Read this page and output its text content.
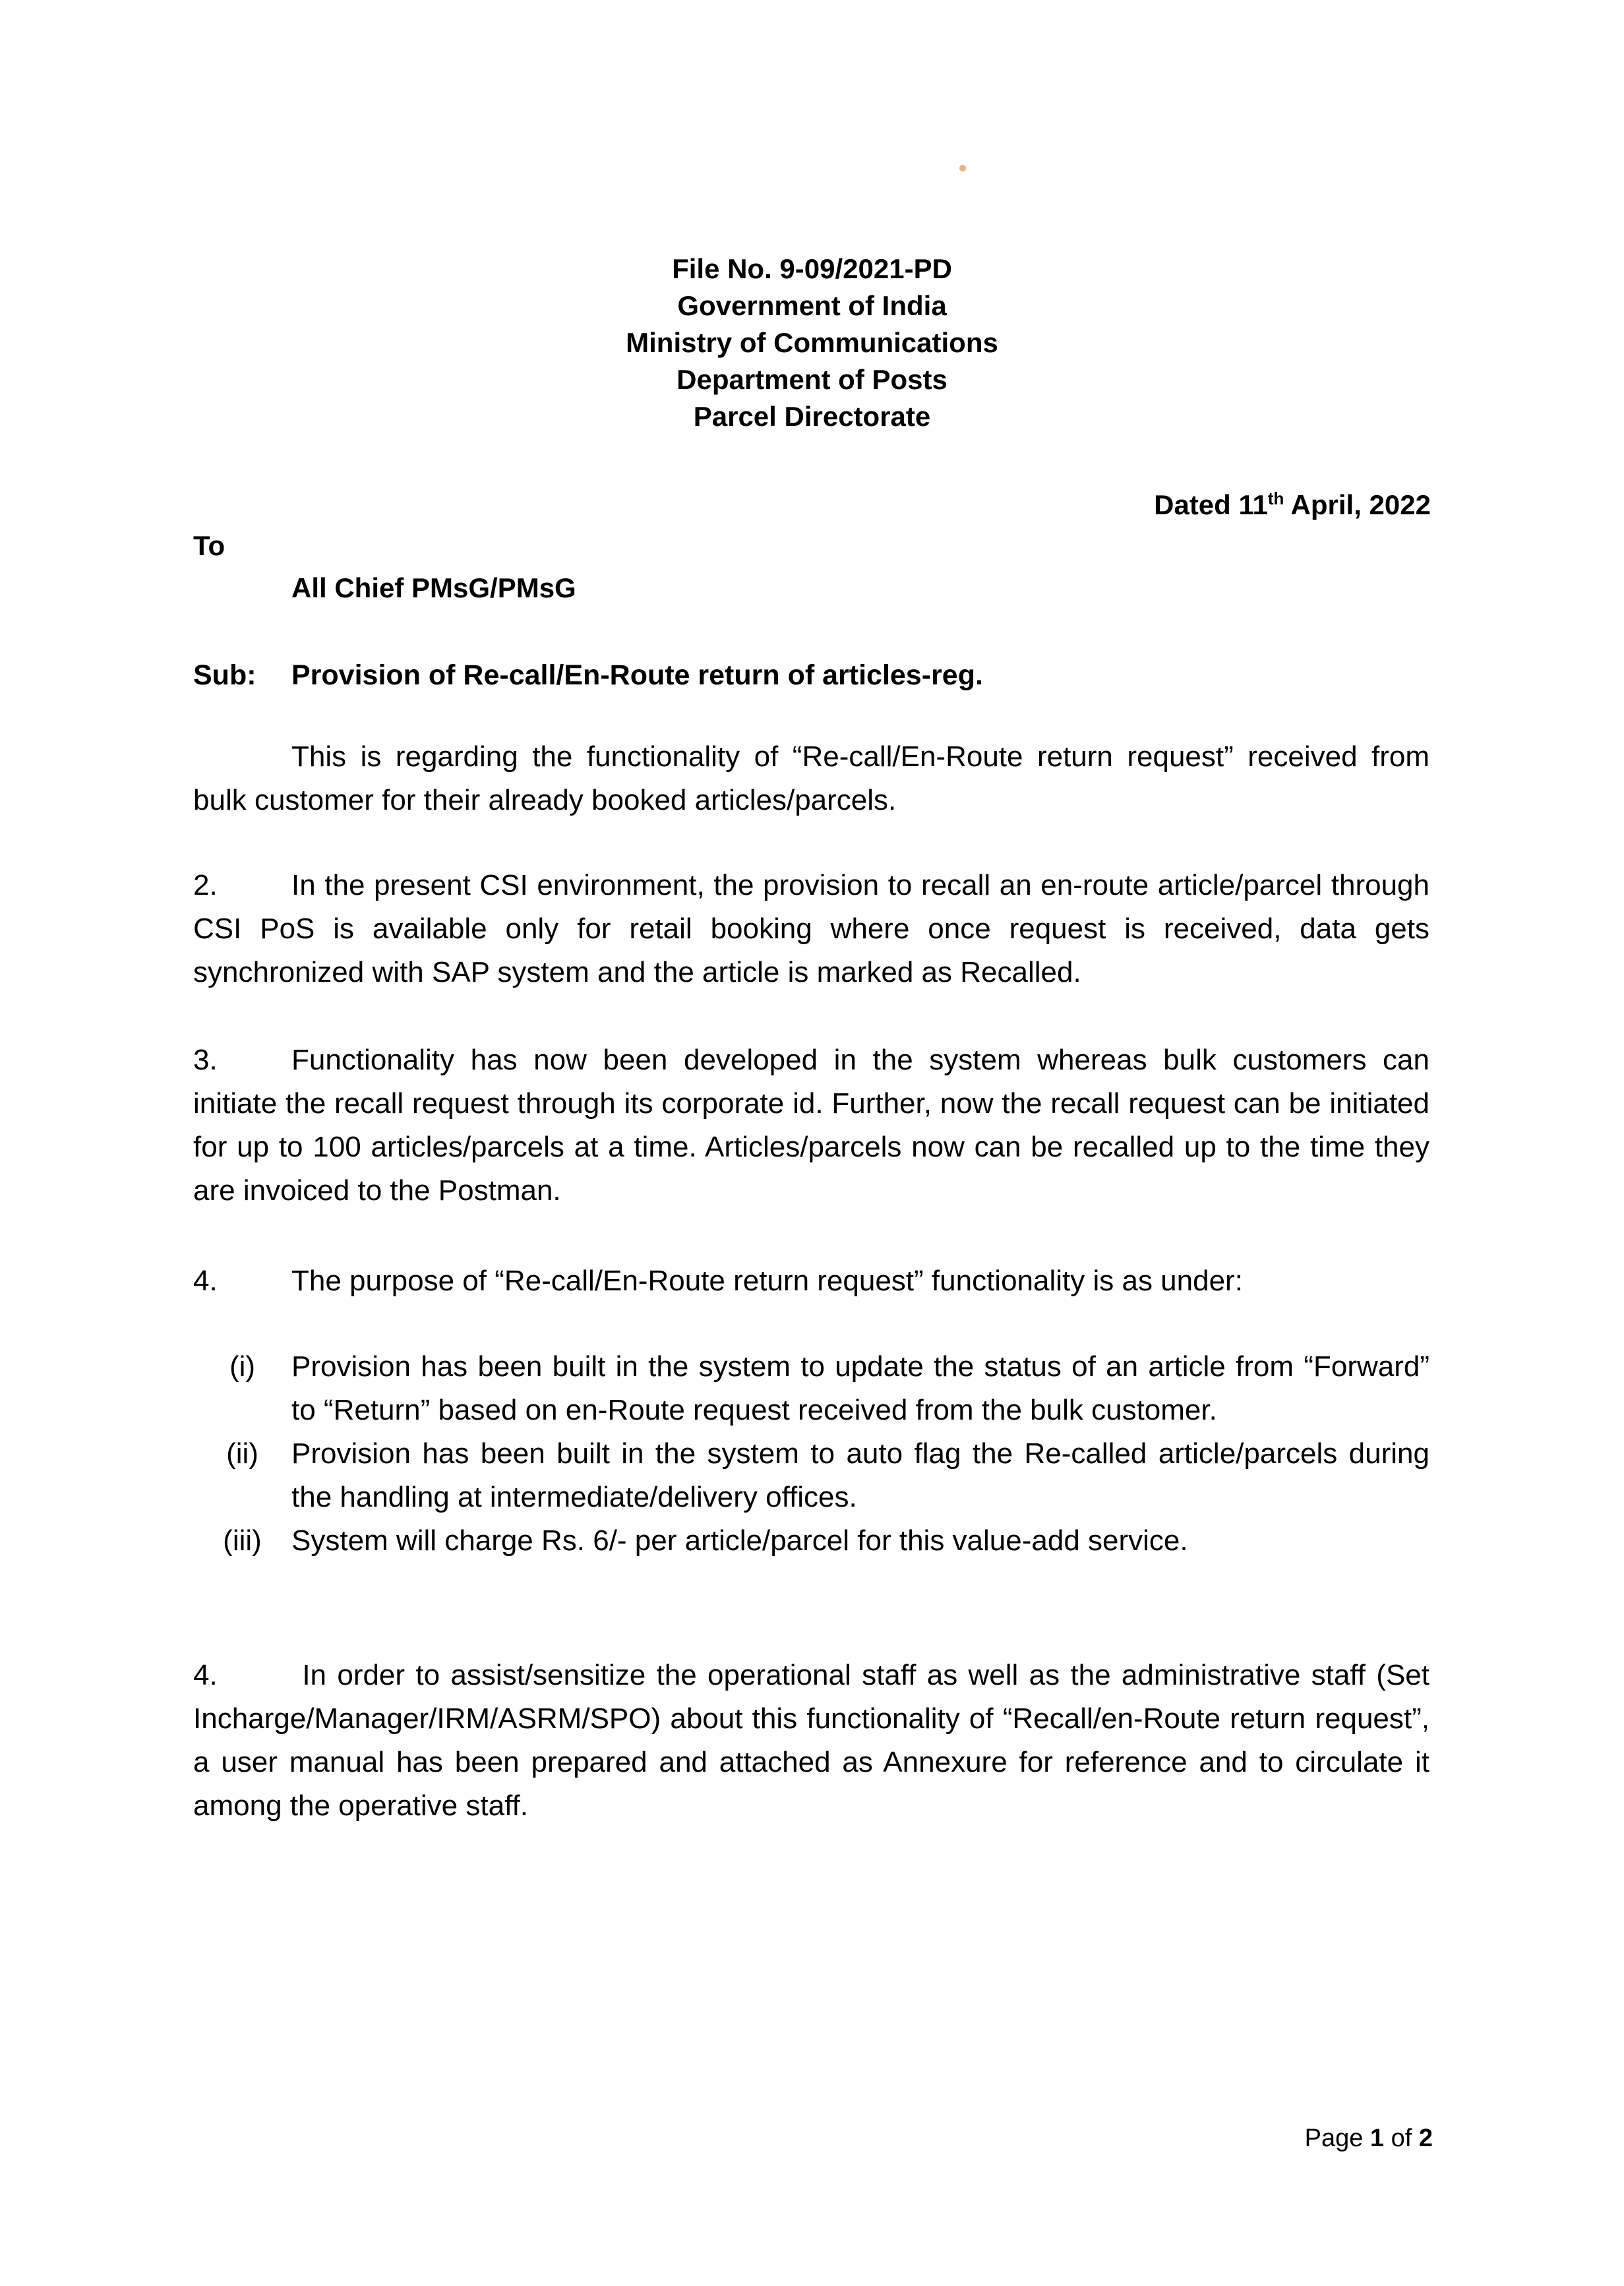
File No. 9-09/2021-PD
Government of India
Ministry of Communications
Department of Posts
Parcel Directorate
Dated 11th April, 2022
To
All Chief PMsG/PMsG
Sub: Provision of Re-call/En-Route return of articles-reg.
This is regarding the functionality of “Re-call/En-Route return request” received from bulk customer for their already booked articles/parcels.
2.	In the present CSI environment, the provision to recall an en-route article/parcel through CSI PoS is available only for retail booking where once request is received, data gets synchronized with SAP system and the article is marked as Recalled.
3.	Functionality has now been developed in the system whereas bulk customers can initiate the recall request through its corporate id. Further, now the recall request can be initiated for up to 100 articles/parcels at a time. Articles/parcels now can be recalled up to the time they are invoiced to the Postman.
4.	The purpose of “Re-call/En-Route return request” functionality is as under:
(i)	Provision has been built in the system to update the status of an article from “Forward” to “Return” based on en-Route request received from the bulk customer.
(ii)	Provision has been built in the system to auto flag the Re-called article/parcels during the handling at intermediate/delivery offices.
(iii)	System will charge Rs. 6/- per article/parcel for this value-add service.
4.	In order to assist/sensitize the operational staff as well as the administrative staff (Set Incharge/Manager/IRM/ASRM/SPO) about this functionality of “Recall/en-Route return request”, a user manual has been prepared and attached as Annexure for reference and to circulate it among the operative staff.
Page 1 of 2
